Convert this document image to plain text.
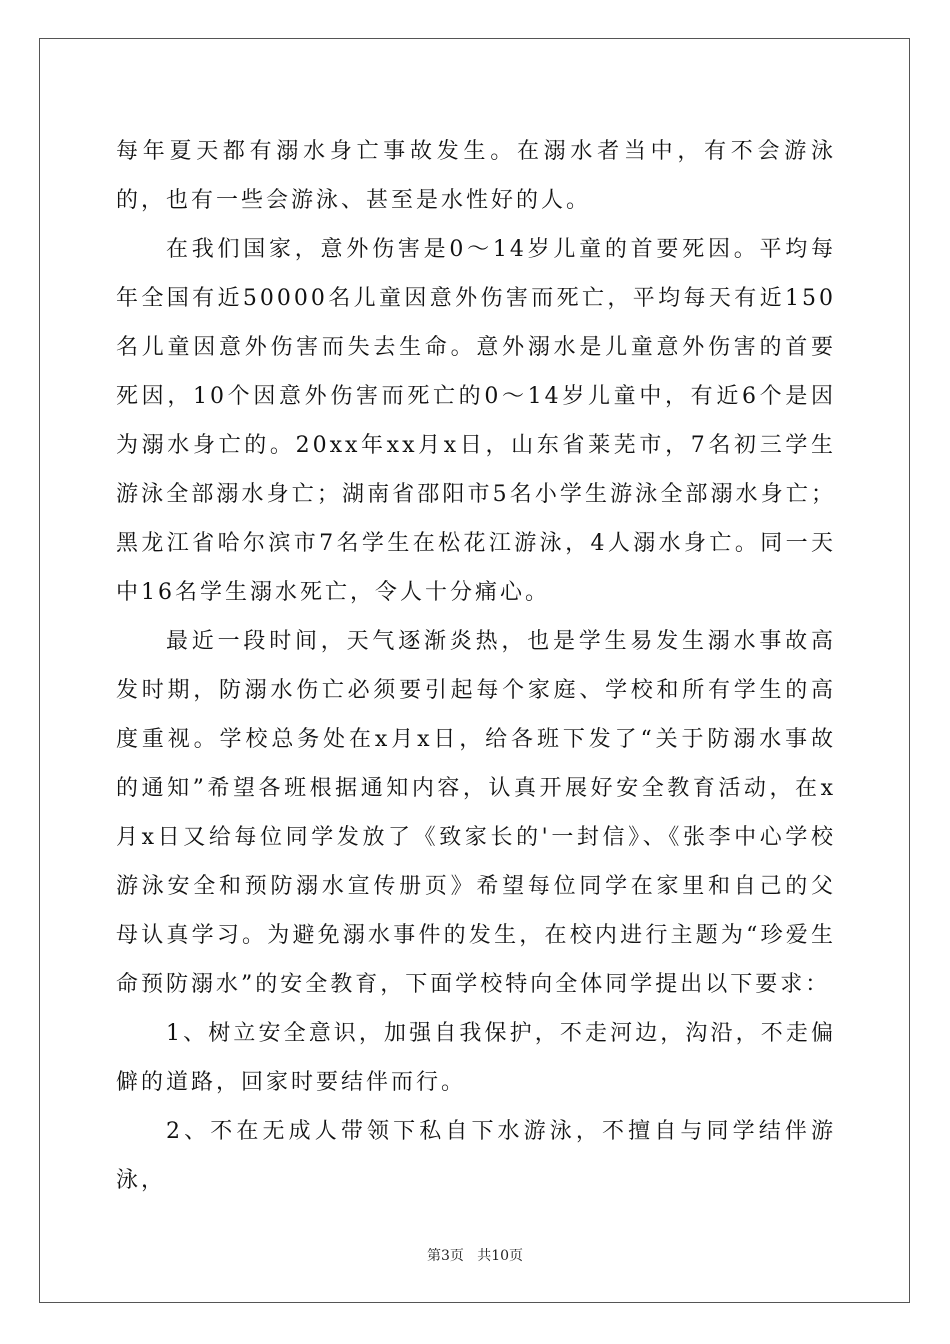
每年夏天都有溺水身亡事故发生。在溺水者当中，有不会游泳的，也有一些会游泳、甚至是水性好的人。

在我们国家，意外伤害是0～14岁儿童的首要死因。平均每年全国有近50000名儿童因意外伤害而死亡，平均每天有近150名儿童因意外伤害而失去生命。意外溺水是儿童意外伤害的首要死因，10个因意外伤害而死亡的0～14岁儿童中，有近6个是因为溺水身亡的。20xx年xx月x日，山东省莱芜市，7名初三学生游泳全部溺水身亡；湖南省邵阳市5名小学生游泳全部溺水身亡；黑龙江省哈尔滨市7名学生在松花江游泳，4人溺水身亡。同一天中16名学生溺水死亡，令人十分痛心。

最近一段时间，天气逐渐炎热，也是学生易发生溺水事故高发时期，防溺水伤亡必须要引起每个家庭、学校和所有学生的高度重视。学校总务处在x月x日，给各班下发了“关于防溺水事故的通知”希望各班根据通知内容，认真开展好安全教育活动，在x月x日又给每位同学发放了《致家长的'一封信》、《张李中心学校游泳安全和预防溺水宣传册页》希望每位同学在家里和自己的父母认真学习。为避免溺水事件的发生，在校内进行主题为“珍爱生命预防溺水”的安全教育，下面学校特向全体同学提出以下要求：

1、树立安全意识，加强自我保护，不走河边，沟沿，不走偏僻的道路，回家时要结伴而行。

2、不在无成人带领下私自下水游泳，不擅自与同学结伴游泳，

第3页   共10页
